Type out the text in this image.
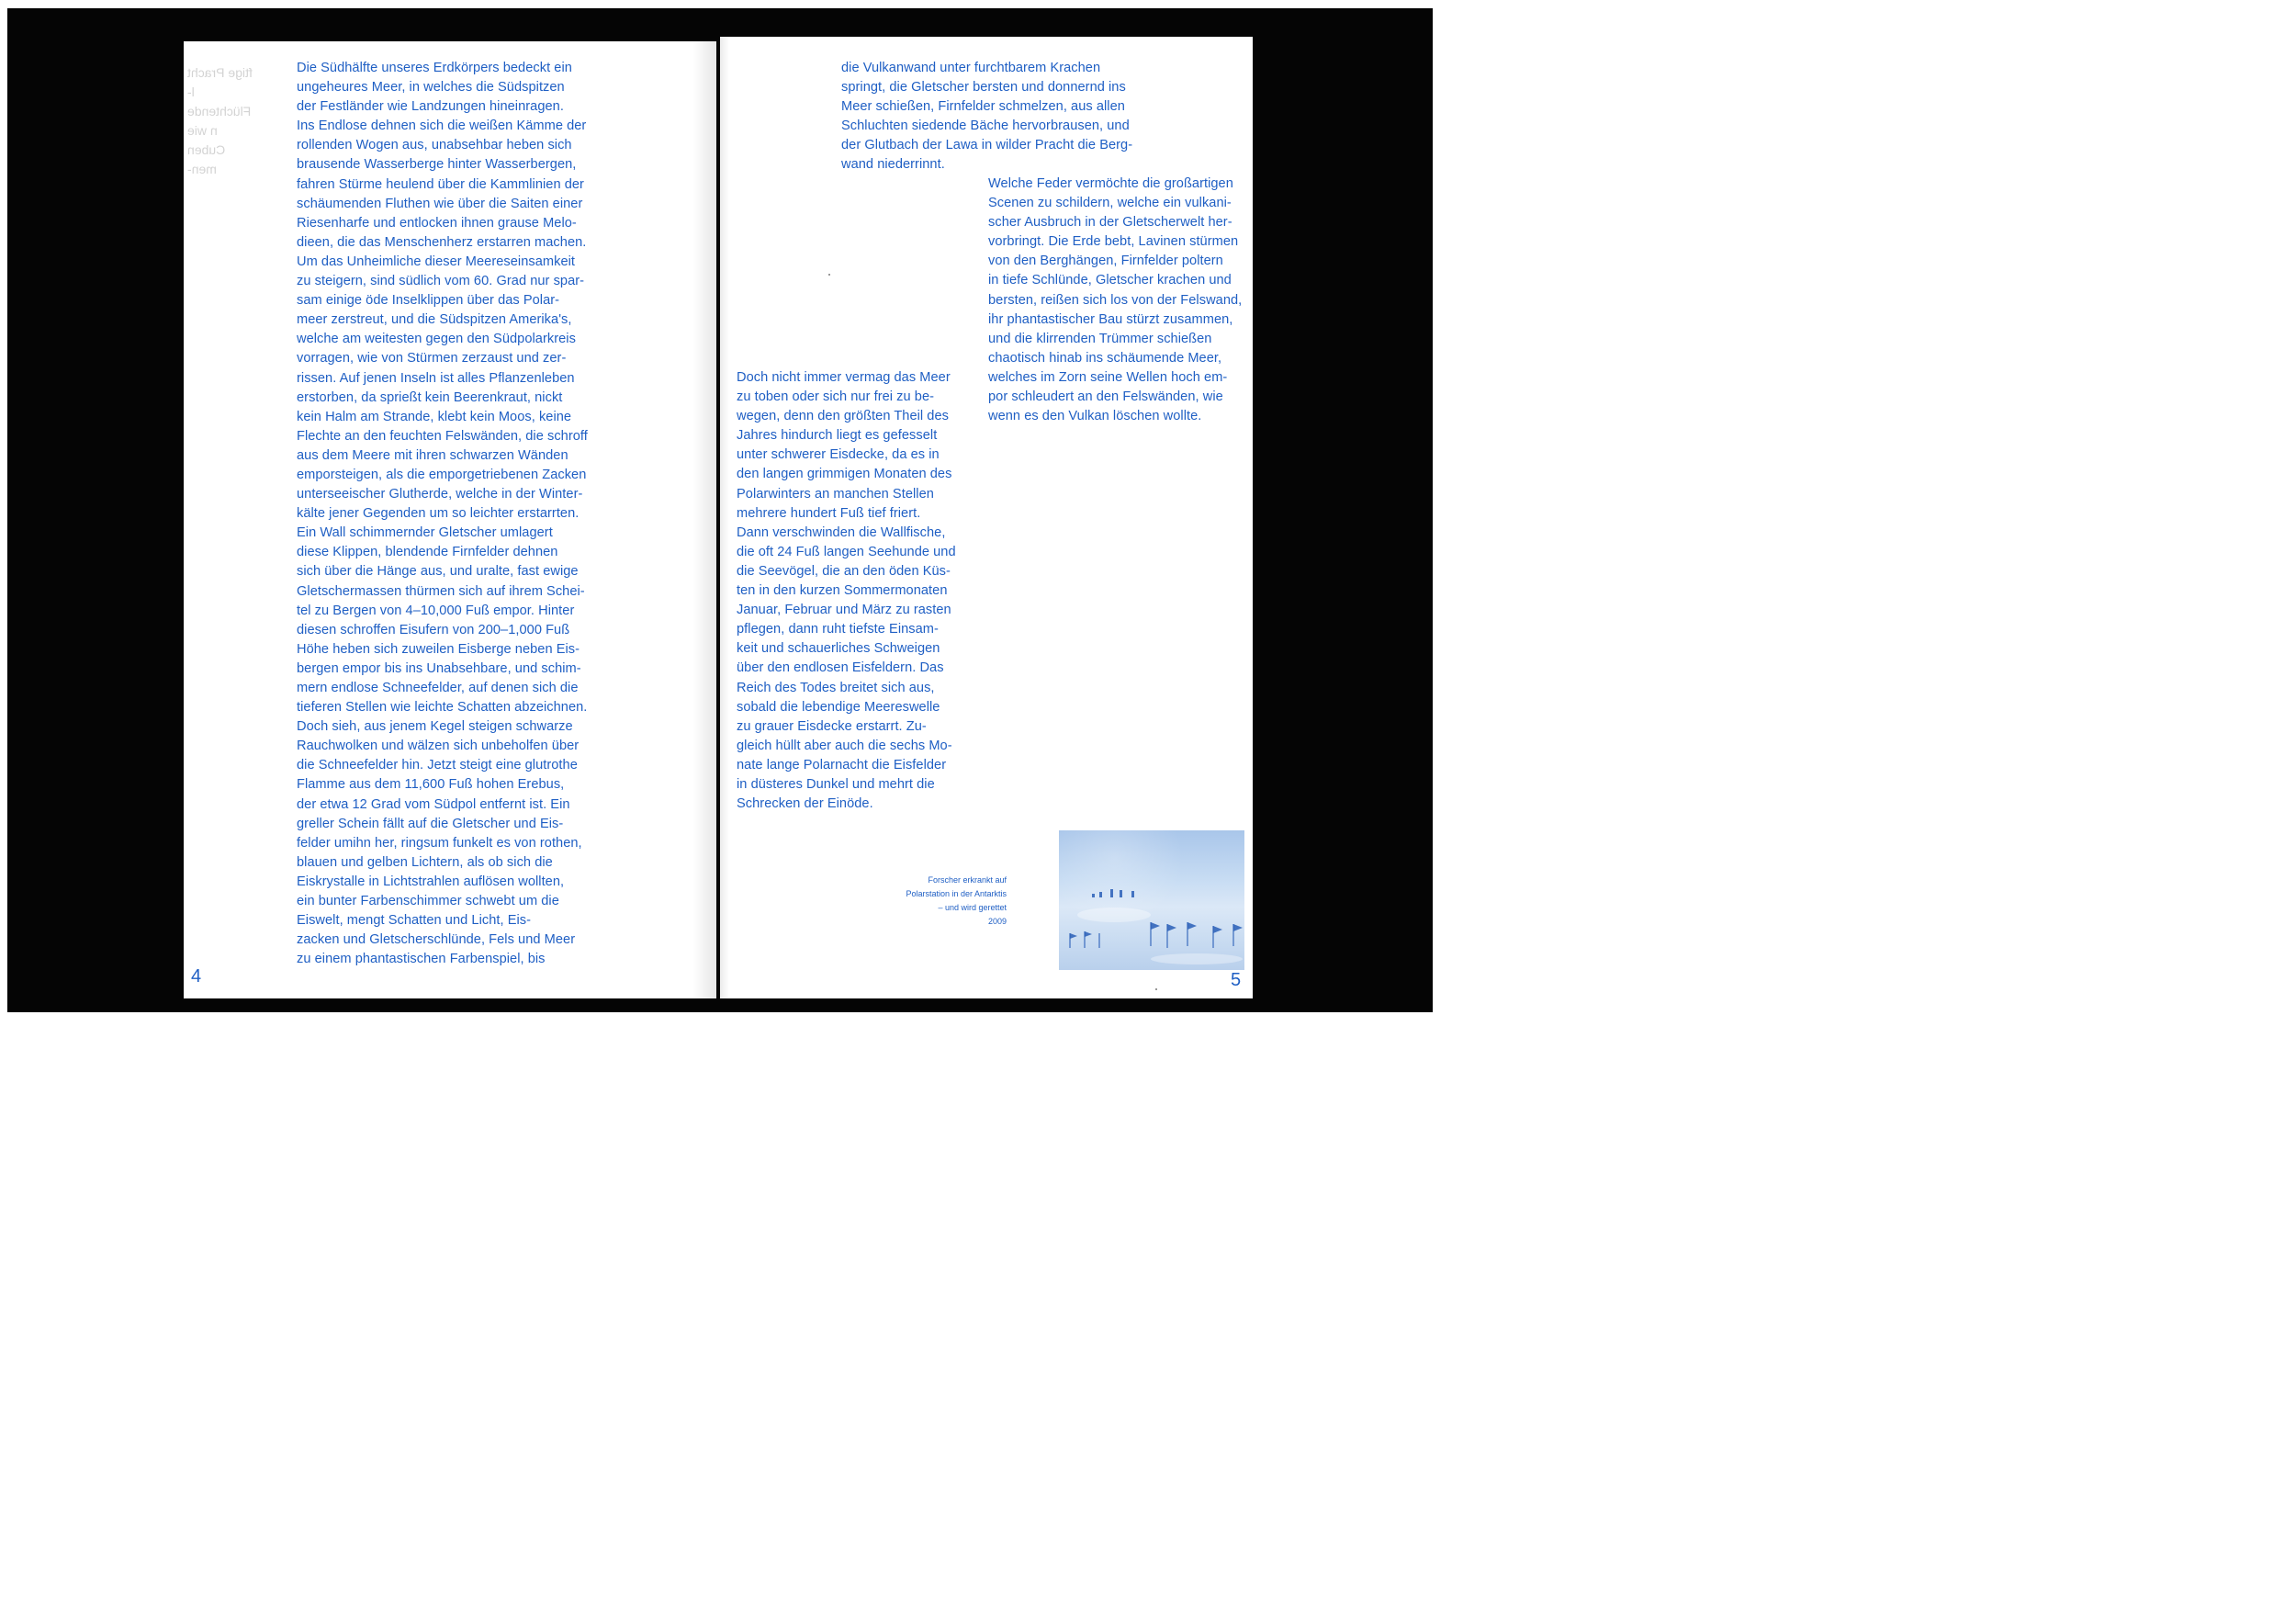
ftige Pracht
l-
Flüchtende
n wie
Cuben
men-

Die Südhälfte unseres Erdkörpers bedeckt ein
ungeheures Meer, in welches die Südspitzen
der Festländer wie Landzungen hineinragen.
Ins Endlose dehnen sich die weißen Kämme der
rollenden Wogen aus, unabsehbar heben sich
brausende Wasserberge hinter Wasserbergen,
fahren Stürme heulend über die Kammlinien der
schäumenden Fluthen wie über die Saiten einer
Riesenharfe und entlocken ihnen grause Melo-
dieen, die das Menschenherz erstarren machen.
Um das Unheimliche dieser Meereseinsamkeit
zu steigern, sind südlich vom 60. Grad nur spar-
sam einige öde Inselklippen über das Polar-
meer zerstreut, und die Südspitzen Amerika's,
welche am weitesten gegen den Südpolarkreis
vorragen, wie von Stürmen zerzaust und zer-
rissen. Auf jenen Inseln ist alles Pflanzenleben
erstorben, da sprießt kein Beerenkraut, nickt
kein Halm am Strande, klebt kein Moos, keine
Flechte an den feuchten Felswänden, die schroff
aus dem Meere mit ihren schwarzen Wänden
emporsteigen, als die emporgetriebenen Zacken
unterseeischer Glutherde, welche in der Winter-
kälte jener Gegenden um so leichter erstarrten.
Ein Wall schimmernder Gletscher umlagert
diese Klippen, blendende Firnfelder dehnen
sich über die Hänge aus, und uralte, fast ewige
Gletschermassen thürmen sich auf ihrem Schei-
tel zu Bergen von 4–10,000 Fuß empor. Hinter
diesen schroffen Eisufern von 200–1,000 Fuß
Höhe heben sich zuweilen Eisberge neben Eis-
bergen empor bis ins Unabsehbare, und schim-
mern endlose Schneefelder, auf denen sich die
tieferen Stellen wie leichte Schatten abzeichnen.
Doch sieh, aus jenem Kegel steigen schwarze
Rauchwolken und wälzen sich unbeholfen über
die Schneefelder hin. Jetzt steigt eine glutrothe
Flamme aus dem 11,600 Fuß hohen Erebus,
der etwa 12 Grad vom Südpol entfernt ist. Ein
greller Schein fällt auf die Gletscher und Eis-
felder umihn her, ringsum funkelt es von rothen,
blauen und gelben Lichtern, als ob sich die
Eiskrystalle in Lichtstrahlen auflösen wollten,
ein bunter Farbenschimmer schwebt um die
Eiswelt, mengt Schatten und Licht, Eis-
zacken und Gletscherschlünde, Fels und Meer
zu einem phantastischen Farbenspiel, bis

4

die Vulkanwand unter furchtbarem Krachen
springt, die Gletscher bersten und donnernd ins
Meer schießen, Firnfelder schmelzen, aus allen
Schluchten siedende Bäche hervorbrausen, und
der Glutbach der Lawa in wilder Pracht die Berg-
wand niederrinnt.

Welche Feder vermöchte die großartigen
Scenen zu schildern, welche ein vulkani-
scher Ausbruch in der Gletscherwelt her-
vorbringt. Die Erde bebt, Lavinen stürmen
von den Berghängen, Firnfelder poltern
in tiefe Schlünde, Gletscher krachen und
bersten, reißen sich los von der Felswand,
ihr phantastischer Bau stürzt zusammen,
und die klirrenden Trümmer schießen
chaotisch hinab ins schäumende Meer,
welches im Zorn seine Wellen hoch em-
por schleudert an den Felswänden, wie
wenn es den Vulkan löschen wollte.

Doch nicht immer vermag das Meer
zu toben oder sich nur frei zu be-
wegen, denn den größten Theil des
Jahres hindurch liegt es gefesselt
unter schwerer Eisdecke, da es in
den langen grimmigen Monaten des
Polarwinters an manchen Stellen
mehrere hundert Fuß tief friert.
Dann verschwinden die Wallfische,
die oft 24 Fuß langen Seehunde und
die Seevögel, die an den öden Küs-
ten in den kurzen Sommermonaten
Januar, Februar und März zu rasten
pflegen, dann ruht tiefste Einsam-
keit und schauerliches Schweigen
über den endlosen Eisfeldern. Das
Reich des Todes breitet sich aus,
sobald die lebendige Meereswelle
zu grauer Eisdecke erstarrt. Zu-
gleich hüllt aber auch die sechs Mo-
nate lange Polarnacht die Eisfelder
in düsteres Dunkel und mehrt die
Schrecken der Einöde.

Forscher erkrankt auf
Polarstation in der Antarktis
– und wird gerettet
2009
5
